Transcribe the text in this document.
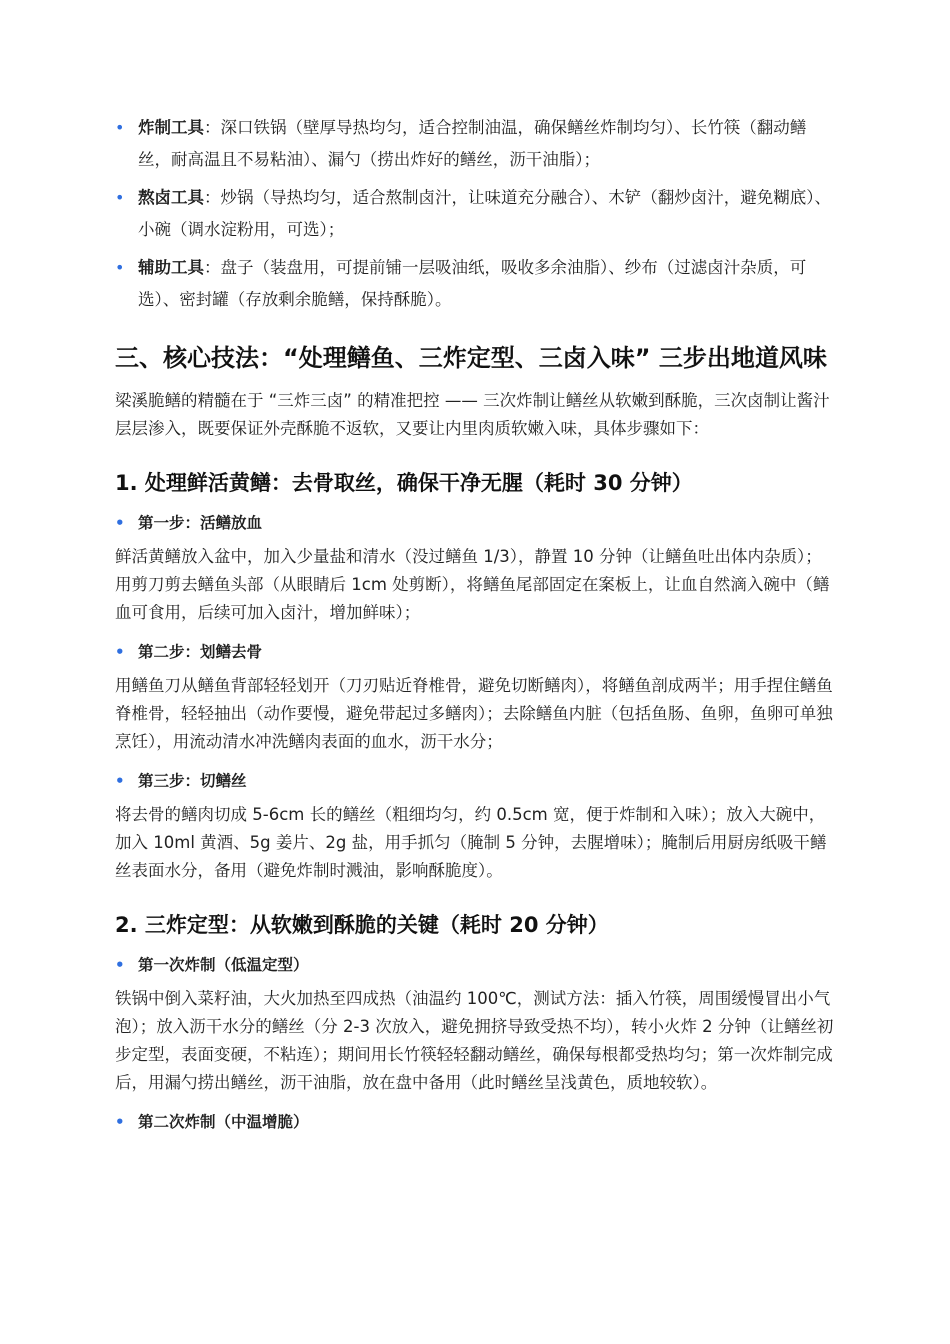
• 炸制工具：深口铁锅（壁厚导热均匀，适合控制油温，确保鳝丝炸制均匀）、长竹筷（翻动鳝丝，耐高温且不易粘油）、漏勺（捞出炸好的鳝丝，沥干油脂）；
• 熬卤工具：炒锅（导热均匀，适合熬制卤汁，让味道充分融合）、木铲（翻炒卤汁，避免糊底）、小碗（调水淀粉用，可选）；
• 辅助工具：盘子（装盘用，可提前铺一层吸油纸，吸收多余油脂）、纱布（过滤卤汁杂质，可选）、密封罐（存放剩余脆鳝，保持酥脆）。
三、核心技法：“处理鳝鱼、三炸定型、三卤入味” 三步出地道风味

梁溪脆鳝的精髓在于 “三炸三卤” 的精准把控 —— 三次炸制让鳝丝从软嫩到酥脆，三次卤制让酱汁层层渗入，既要保证外壳酥脆不返软，又要让内里肉质软嫩入味，具体步骤如下：

1. 处理鲜活黄鳝：去骨取丝，确保干净无腥（耗时 30 分钟）
• 第一步：活鳝放血

鲜活黄鳝放入盆中，加入少量盐和清水（没过鳝鱼 1/3），静置 10 分钟（让鳝鱼吐出体内杂质）；用剪刀剪去鳝鱼头部（从眼睛后 1cm 处剪断），将鳝鱼尾部固定在案板上，让血自然滴入碗中（鳝血可食用，后续可加入卤汁，增加鲜味）；

• 第二步：划鳝去骨

用鳝鱼刀从鳝鱼背部轻轻划开（刀刃贴近脊椎骨，避免切断鳝肉），将鳝鱼剖成两半；用手捏住鳝鱼脊椎骨，轻轻抽出（动作要慢，避免带起过多鳝肉）；去除鳝鱼内脏（包括鱼肠、鱼卵，鱼卵可单独烹饪），用流动清水冲洗鳝肉表面的血水，沥干水分；

• 第三步：切鳝丝

将去骨的鳝肉切成 5-6cm 长的鳝丝（粗细均匀，约 0.5cm 宽，便于炸制和入味）；放入大碗中，加入 10ml 黄酒、5g 姜片、2g 盐，用手抓匀（腌制 5 分钟，去腥增味）；腌制后用厨房纸吸干鳝丝表面水分，备用（避免炸制时溅油，影响酥脆度）。

2. 三炸定型：从软嫩到酥脆的关键（耗时 20 分钟）
• 第一次炸制（低温定型）

铁锅中倒入菜籽油，大火加热至四成热（油温约 100℃，测试方法：插入竹筷，周围缓慢冒出小气泡）；放入沥干水分的鳝丝（分 2-3 次放入，避免拥挤导致受热不均），转小火炸 2 分钟（让鳝丝初步定型，表面变硬，不粘连）；期间用长竹筷轻轻翻动鳝丝，确保每根都受热均匀；第一次炸制完成后，用漏勺捞出鳝丝，沥干油脂，放在盘中备用（此时鳝丝呈浅黄色，质地较软）。

• 第二次炸制（中温增脆）
